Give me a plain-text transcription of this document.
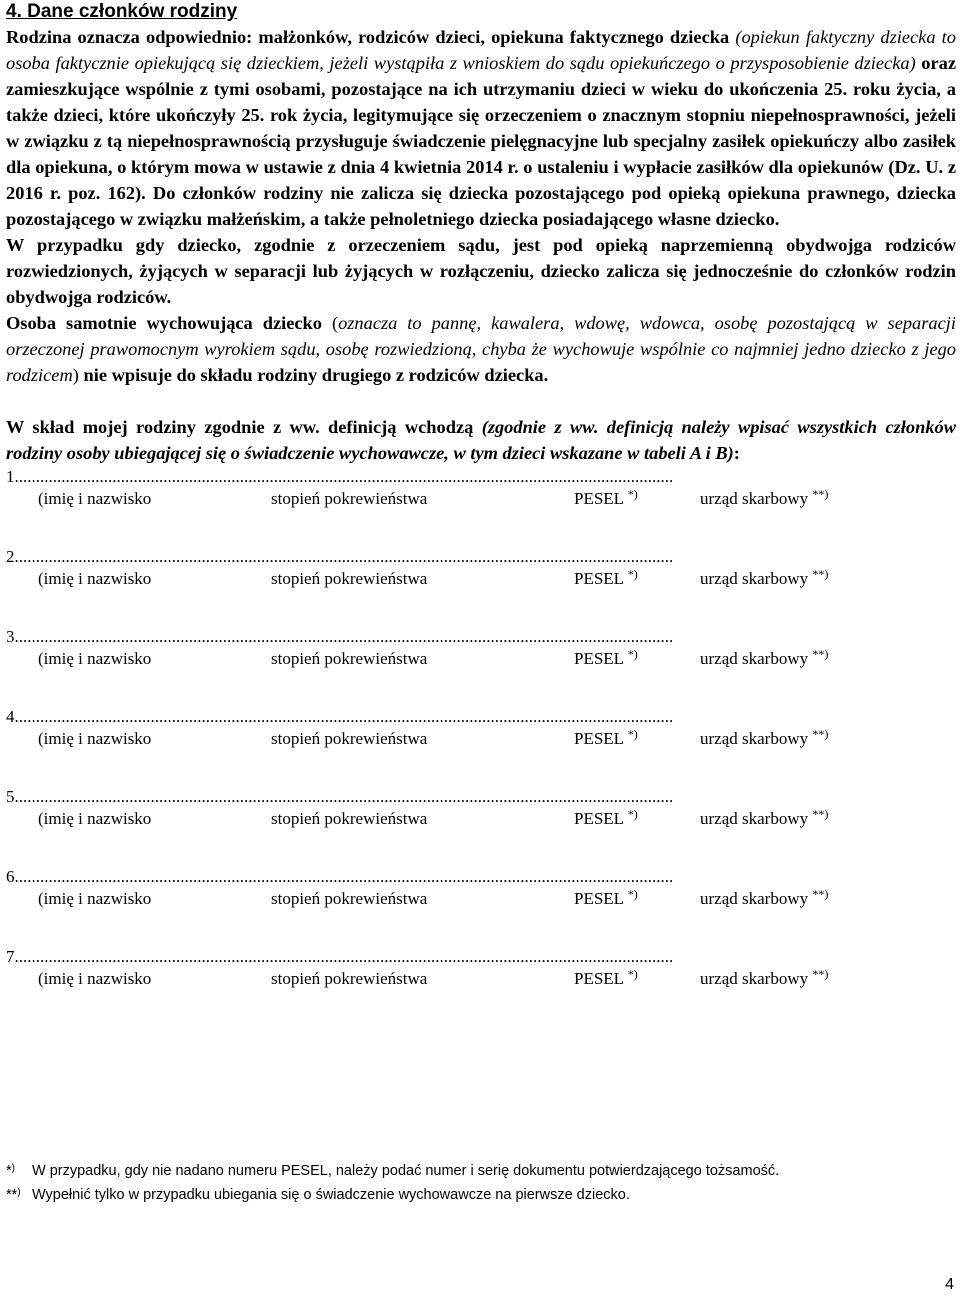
4. Dane członków rodziny

Rodzina oznacza odpowiednio: małżonków, rodziców dzieci, opiekuna faktycznego dziecka (opiekun faktyczny dziecka to osoba faktycznie opiekującą się dzieckiem, jeżeli wystąpiła z wnioskiem do sądu opiekuńczego o przysposobienie dziecka) oraz zamieszkujące wspólnie z tymi osobami, pozostające na ich utrzymaniu dzieci w wieku do ukończenia 25. roku życia, a także dzieci, które ukończyły 25. rok życia, legitymujące się orzeczeniem o znacznym stopniu niepełnosprawności, jeżeli w związku z tą niepełnosprawnością przysługuje świadczenie pielęgnacyjne lub specjalny zasiłek opiekuńczy albo zasiłek dla opiekuna, o którym mowa w ustawie z dnia 4 kwietnia 2014 r. o ustaleniu i wypłacie zasiłków dla opiekunów (Dz. U. z 2016 r. poz. 162). Do członków rodziny nie zalicza się dziecka pozostającego pod opieką opiekuna prawnego, dziecka pozostającego w związku małżeńskim, a także pełnoletniego dziecka posiadającego własne dziecko.

W przypadku gdy dziecko, zgodnie z orzeczeniem sądu, jest pod opieką naprzemienną obydwojga rodziców rozwiedzionych, żyjących w separacji lub żyjących w rozłączeniu, dziecko zalicza się jednocześnie do członków rodzin obydwojga rodziców.

Osoba samotnie wychowująca dziecko (oznacza to pannę, kawalera, wdowę, wdowca, osobę pozostającą w separacji orzeczonej prawomocnym wyrokiem sądu, osobę rozwiedzioną, chyba że wychowuje wspólnie co najmniej jedno dziecko z jego rodzicem) nie wpisuje do składu rodziny drugiego z rodziców dziecka.

W skład mojej rodziny zgodnie z ww. definicją wchodzą (zgodnie z ww. definicją należy wpisać wszystkich członków rodziny osoby ubiegającej się o świadczenie wychowawcze, w tym dzieci wskazane w tabeli A i B):

1...........................................................................................................................................................
(imię i nazwisko	stopień pokrewieństwa	PESEL *)	urząd skarbowy **)
2...........................................................................................................................................................
(imię i nazwisko	stopień pokrewieństwa	PESEL *)	urząd skarbowy **)
3...........................................................................................................................................................
(imię i nazwisko	stopień pokrewieństwa	PESEL *)	urząd skarbowy **)
4...........................................................................................................................................................
(imię i nazwisko	stopień pokrewieństwa	PESEL *)	urząd skarbowy **)
5...........................................................................................................................................................
(imię i nazwisko	stopień pokrewieństwa	PESEL *)	urząd skarbowy **)
6...........................................................................................................................................................
(imię i nazwisko	stopień pokrewieństwa	PESEL *)	urząd skarbowy **)
7...........................................................................................................................................................
(imię i nazwisko	stopień pokrewieństwa	PESEL *)	urząd skarbowy **)
*) W przypadku, gdy nie nadano numeru PESEL, należy podać numer i serię dokumentu potwierdzającego tożsamość.
**) Wypełnić tylko w przypadku ubiegania się o świadczenie wychowawcze na pierwsze dziecko.
4
